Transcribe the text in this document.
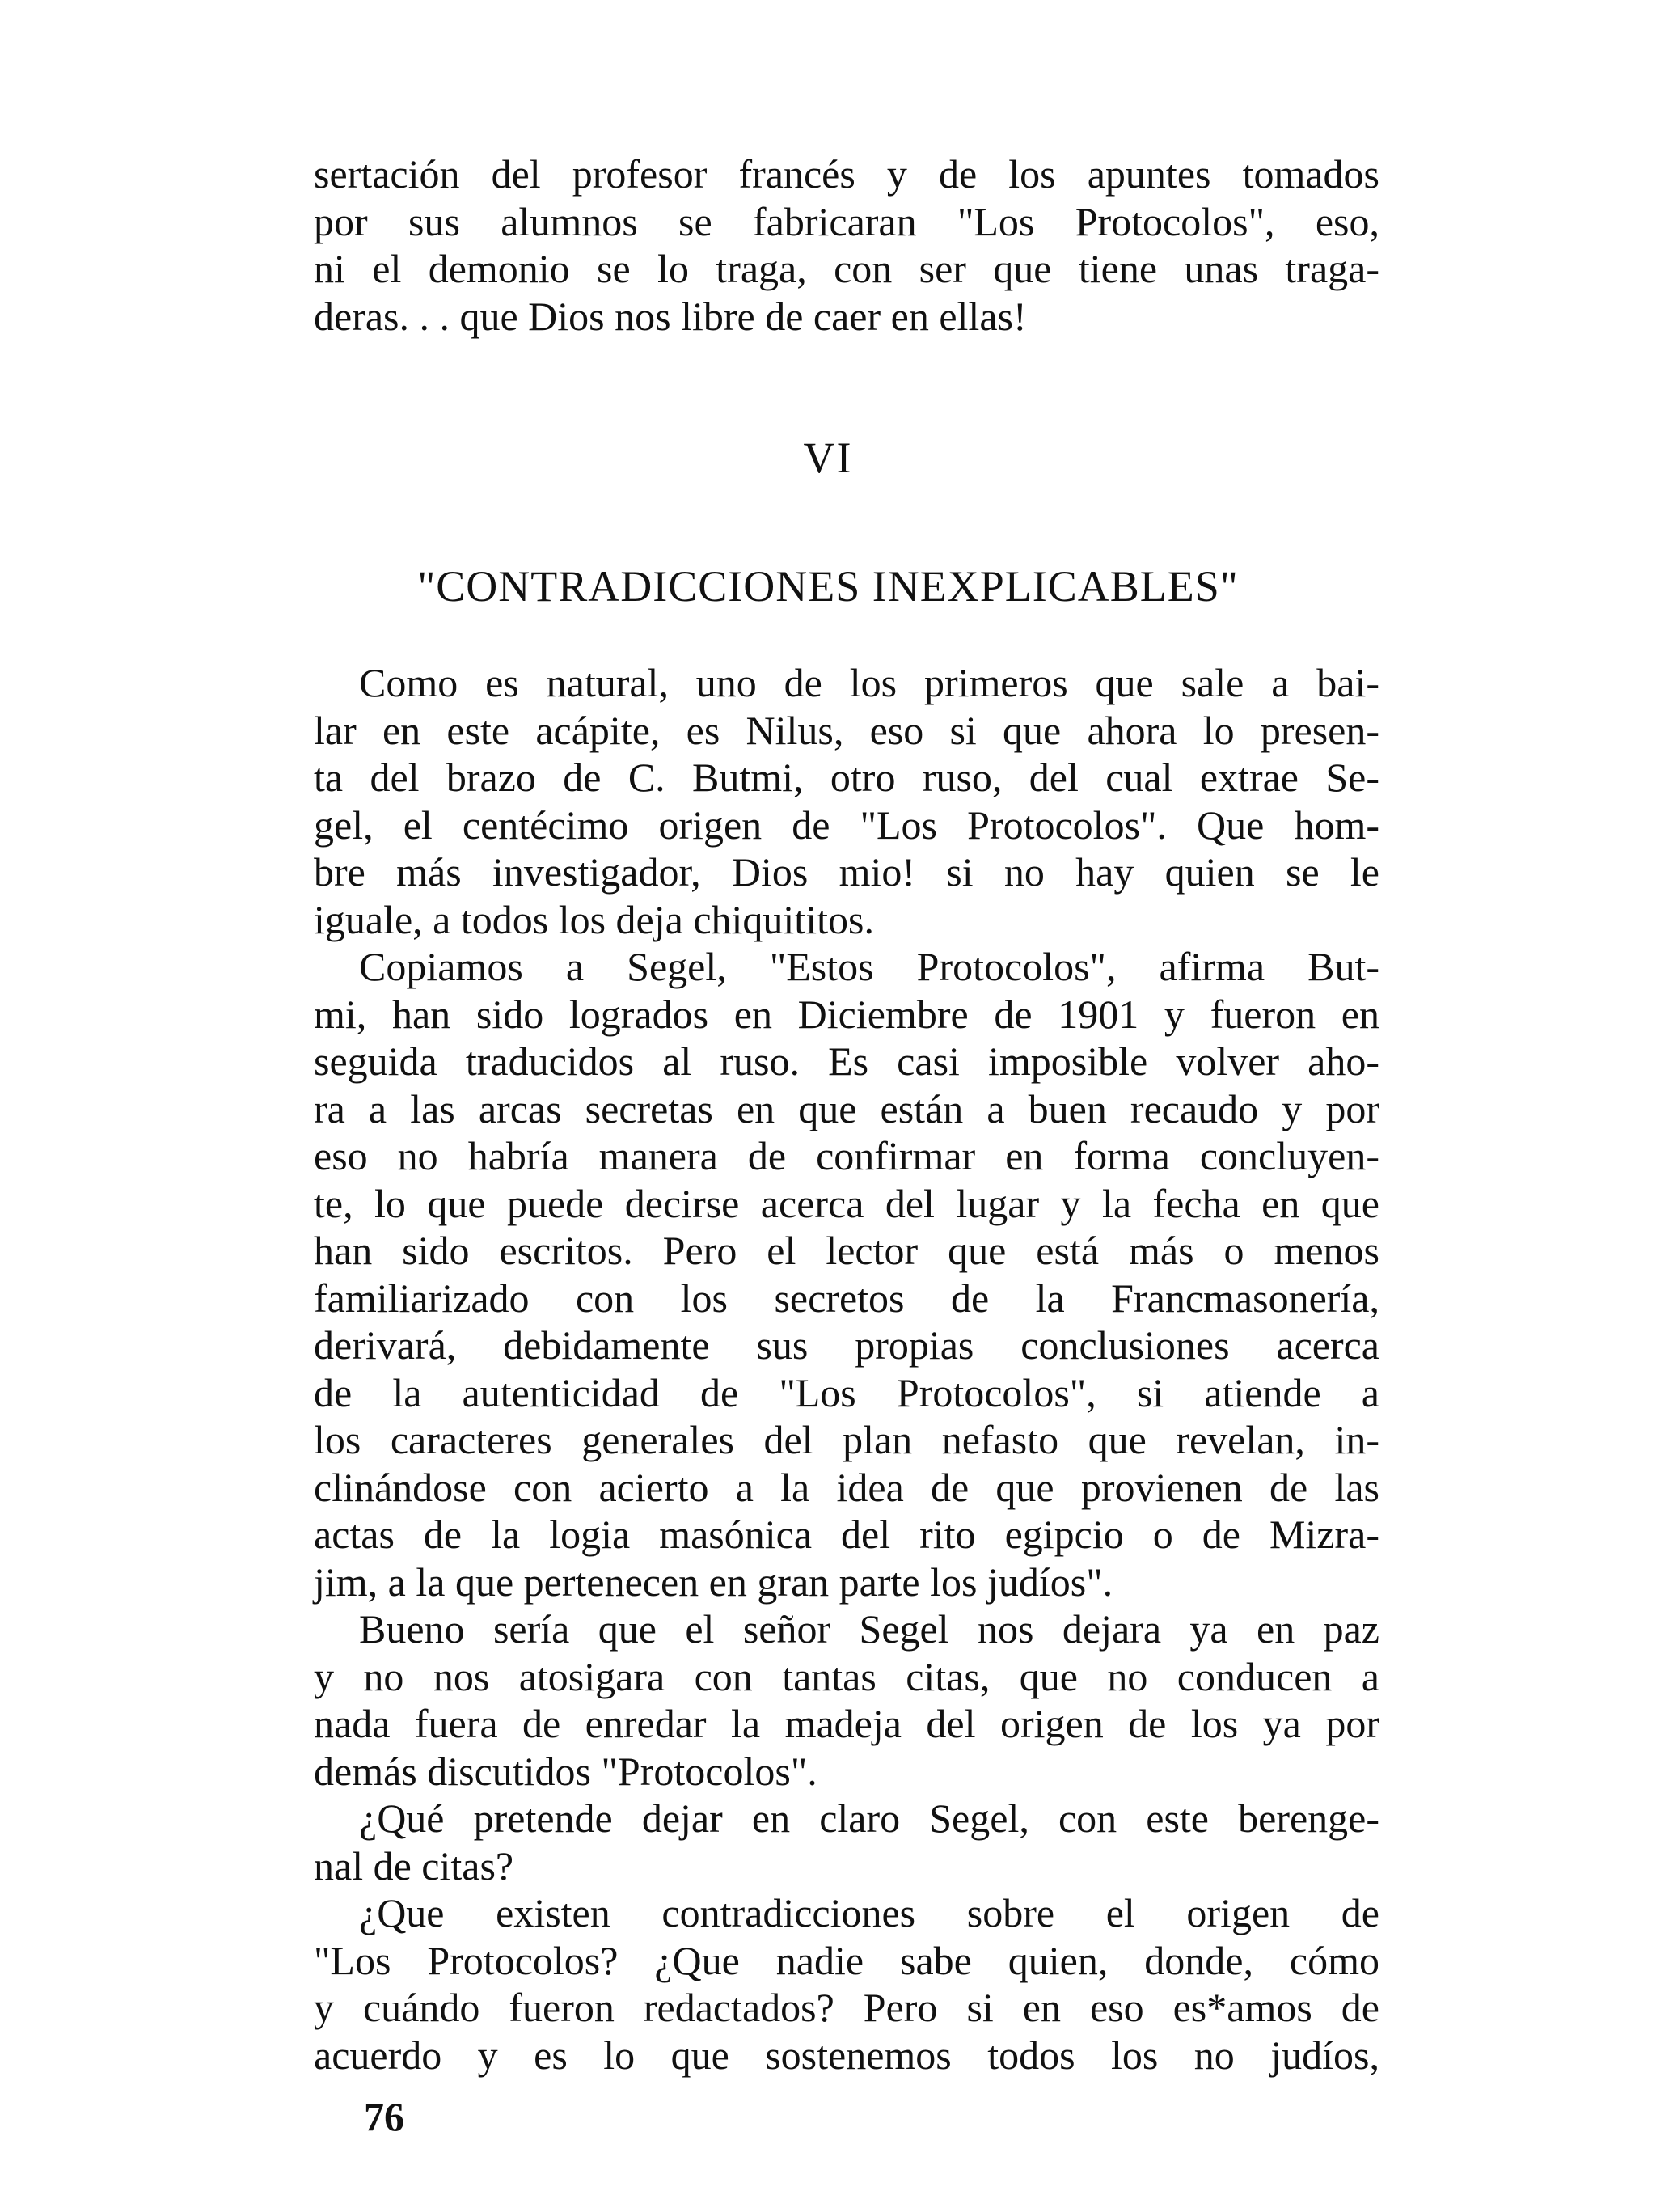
sertación del profesor francés y de los apuntes tomados
por sus alumnos se fabricaran "Los Protocolos", eso,
ni el demonio se lo traga, con ser que tiene unas traga-
deras. . . que Dios nos libre de caer en ellas!
VI
"CONTRADICCIONES INEXPLICABLES"
Como es natural, uno de los primeros que sale a bai-
lar en este acápite, es Nilus, eso si que ahora lo presen-
ta del brazo de C. Butmi, otro ruso, del cual extrae Se-
gel, el centécimo origen de "Los Protocolos". Que hom-
bre más investigador, Dios mio! si no hay quien se le
iguale, a todos los deja chiquititos.
Copiamos a Segel, "Estos Protocolos", afirma But-
mi, han sido logrados en Diciembre de 1901 y fueron en
seguida traducidos al ruso. Es casi imposible volver aho-
ra a las arcas secretas en que están a buen recaudo y por
eso no habría manera de confirmar en forma concluyen-
te, lo que puede decirse acerca del lugar y la fecha en que
han sido escritos. Pero el lector que está más o menos
familiarizado con los secretos de la Francmasonería,
derivará, debidamente sus propias conclusiones acerca
de la autenticidad de "Los Protocolos", si atiende a
los caracteres generales del plan nefasto que revelan, in-
clinándose con acierto a la idea de que provienen de las
actas de la logia masónica del rito egipcio o de Mizra-
jim, a la que pertenecen en gran parte los judíos".
Bueno sería que el señor Segel nos dejara ya en paz
y no nos atosigara con tantas citas, que no conducen a
nada fuera de enredar la madeja del origen de los ya por
demás discutidos "Protocolos".
¿Qué pretende dejar en claro Segel, con este berenge-
nal de citas?
¿Que existen contradicciones sobre el origen de
"Los Protocolos? ¿Que nadie sabe quien, donde, cómo
y cuándo fueron redactados? Pero si en eso es*amos de
acuerdo y es lo que sostenemos todos los no judíos,
76
